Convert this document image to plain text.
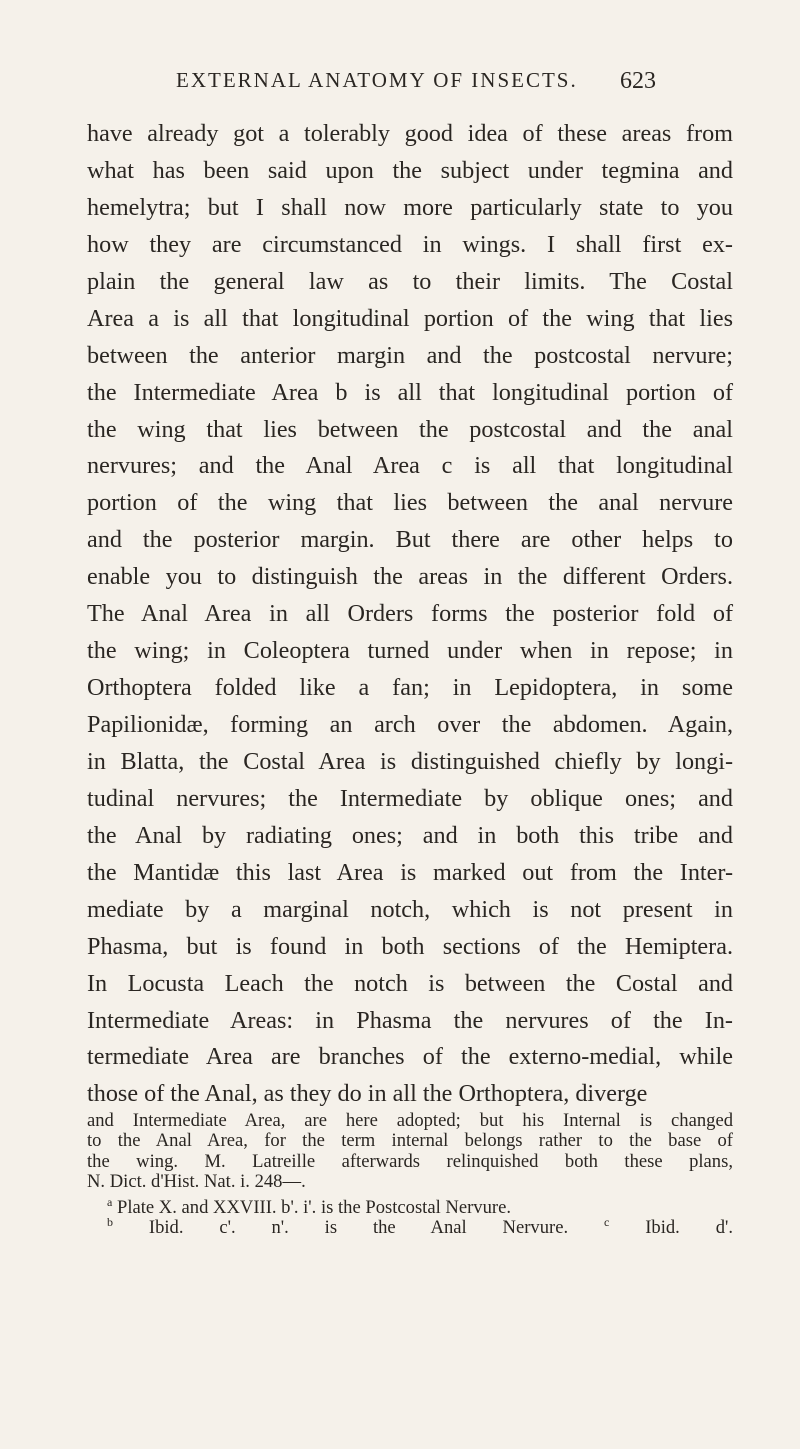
EXTERNAL ANATOMY OF INSECTS. 623
have already got a tolerably good idea of these areas from
what has been said upon the subject under tegmina and
hemelytra; but I shall now more particularly state to you
how they are circumstanced in wings. I shall first ex-
plain the general law as to their limits. The Costal
Area a is all that longitudinal portion of the wing that lies
between the anterior margin and the postcostal nervure;
the Intermediate Area b is all that longitudinal portion of
the wing that lies between the postcostal and the anal
nervures; and the Anal Area c is all that longitudinal
portion of the wing that lies between the anal nervure
and the posterior margin. But there are other helps to
enable you to distinguish the areas in the different Orders.
The Anal Area in all Orders forms the posterior fold of
the wing; in Coleoptera turned under when in repose; in
Orthoptera folded like a fan; in Lepidoptera, in some
Papilionidæ, forming an arch over the abdomen. Again,
in Blatta, the Costal Area is distinguished chiefly by longi-
tudinal nervures; the Intermediate by oblique ones; and
the Anal by radiating ones; and in both this tribe and
the Mantidæ this last Area is marked out from the Inter-
mediate by a marginal notch, which is not present in
Phasma, but is found in both sections of the Hemiptera.
In Locusta Leach the notch is between the Costal and
Intermediate Areas: in Phasma the nervures of the In-
termediate Area are branches of the externo-medial, while
those of the Anal, as they do in all the Orthoptera, diverge
and Intermediate Area, are here adopted; but his Internal is changed
to the Anal Area, for the term internal belongs rather to the base of
the wing. M. Latreille afterwards relinquished both these plans,
N. Dict. d'Hist. Nat. i. 248—.
$^a$ Plate X. and XXVIII. b'. i'. is the Postcostal Nervure.
$^b$ Ibid. c'. n'. is the Anal Nervure.	$^c$ Ibid. d'.
